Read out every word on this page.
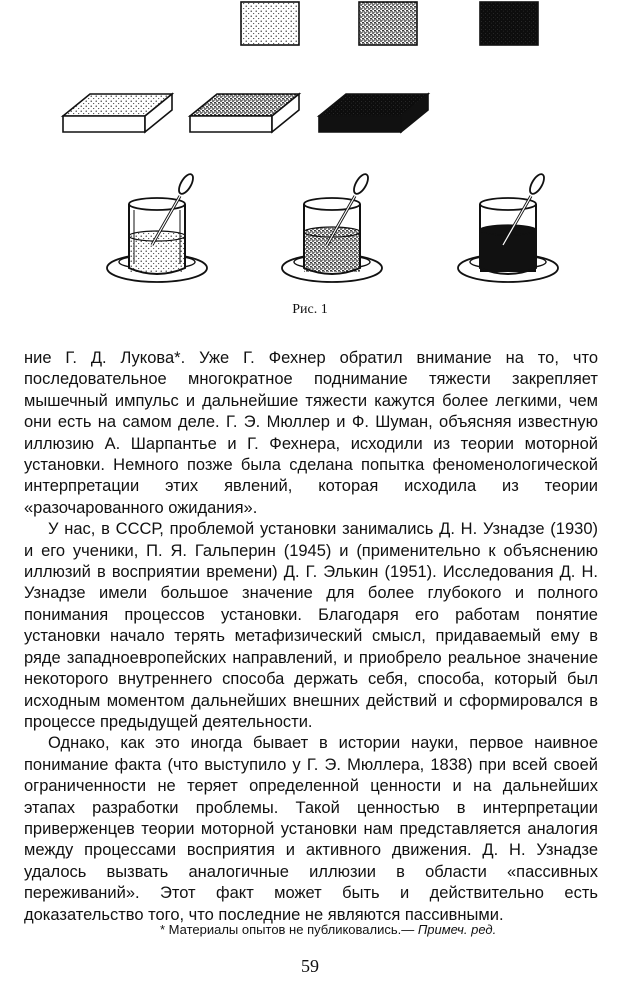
Рис. 1

ние Г. Д. Лукова*. Уже Г. Фехнер обратил внимание на то, что последовательное многократное поднимание тяжести закрепляет мышечный импульс и дальнейшие тяжести кажутся более легкими, чем они есть на самом деле. Г. Э. Мюллер и Ф. Шуман, объясняя известную иллюзию А. Шарпантье и Г. Фехнера, исходили из теории моторной установки. Немного позже была сделана попытка феноменологической интерпретации этих явлений, которая исходила из теории «разочарованного ожидания».

У нас, в СССР, проблемой установки занимались Д. Н. Узнадзе (1930) и его ученики, П. Я. Гальперин (1945) и (применительно к объяснению иллюзий в восприятии времени) Д. Г. Элькин (1951). Исследования Д. Н. Узнадзе имели большое значение для более глубокого и полного понимания процессов установки. Благодаря его работам понятие установки начало терять метафизический смысл, придаваемый ему в ряде западноевропейских направлений, и приобрело реальное значение некоторого внутреннего способа держать себя, способа, который был исходным моментом дальнейших внешних действий и сформировался в процессе предыдущей деятельности.

Однако, как это иногда бывает в истории науки, первое наивное понимание факта (что выступило у Г. Э. Мюллера, 1838) при всей своей ограниченности не теряет определенной ценности и на дальнейших этапах разработки проблемы. Такой ценностью в интерпретации приверженцев теории моторной установки нам представляется аналогия между процессами восприятия и активного движения. Д. Н. Узнадзе удалось вызвать аналогичные иллюзии в области «пассивных переживаний». Этот факт может быть и действительно есть доказательство того, что последние не являются пассивными.

* Материалы опытов не публиковались.— Примеч. ред.
59
